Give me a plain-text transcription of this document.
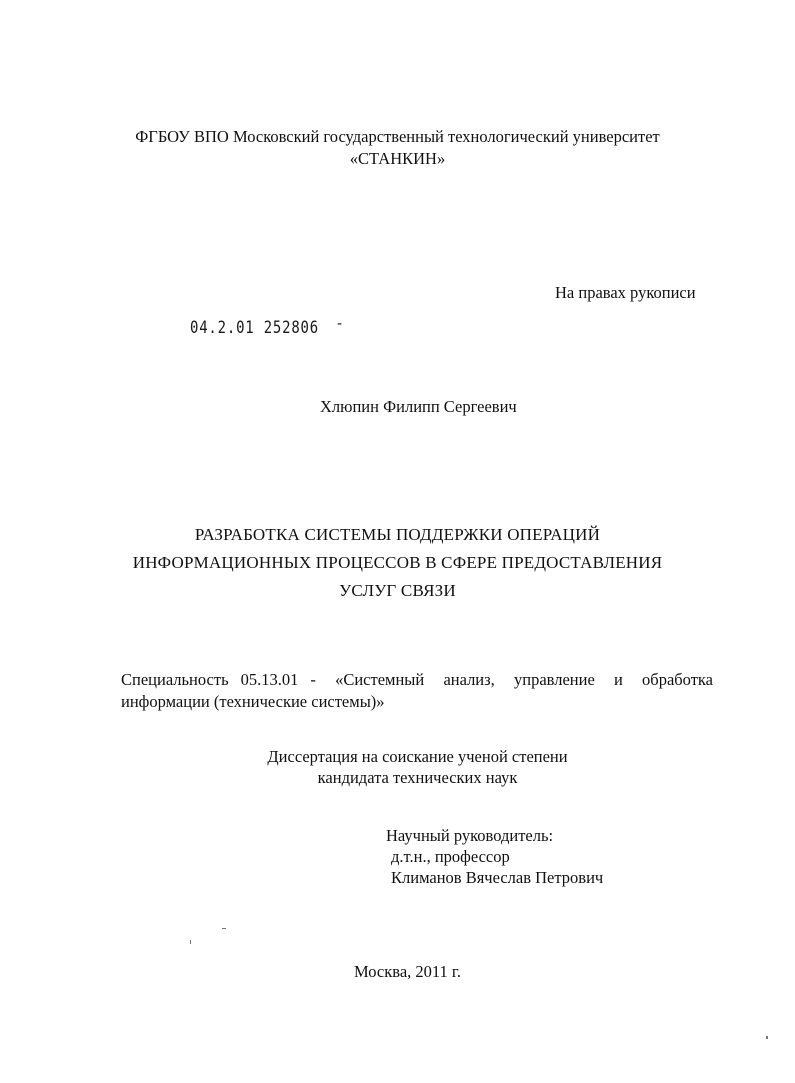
ФГБОУ ВПО Московский государственный технологический университет
«СТАНКИН»
На правах рукописи
04.2.01 252806 -
Хлюпин Филипп Сергеевич
РАЗРАБОТКА СИСТЕМЫ ПОДДЕРЖКИ ОПЕРАЦИЙ
ИНФОРМАЦИОННЫХ ПРОЦЕССОВ В СФЕРЕ ПРЕДОСТАВЛЕНИЯ
УСЛУГ СВЯЗИ
Специальность 05.13.01 - «Системный анализ, управление и обработка информации (технические системы)»
Диссертация на соискание ученой степени
кандидата технических наук
Научный руководитель:
д.т.н., профессор
Климанов Вячеслав Петрович
Москва, 2011 г.
